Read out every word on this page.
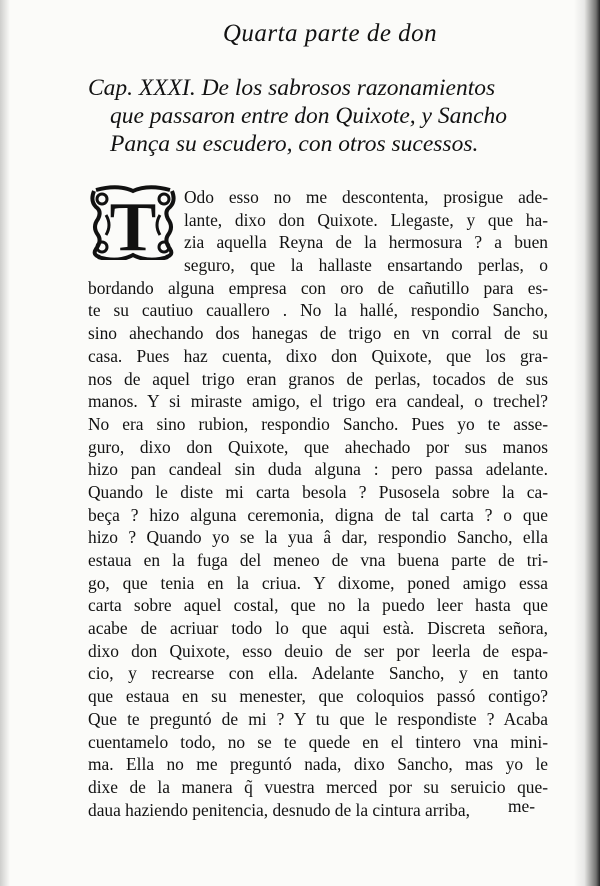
Quarta parte de don
Cap. XXXI. De los sabrosos razonamientos
que passaron entre don Quixote, y Sancho
Pança su escudero, con otros sucessos.
T Odo esso no me descontenta, prosigue ade-
lante, dixo don Quixote. Llegaste, y que ha-
zia aquella Reyna de la hermosura ? a buen
seguro, que la hallaste ensartando perlas, o
bordando alguna empresa con oro de cañutillo para es-
te su cautiuo cauallero . No la hallé, respondio Sancho,
sino ahechando dos hanegas de trigo en vn corral de su
casa. Pues haz cuenta, dixo don Quixote, que los gra-
nos de aquel trigo eran granos de perlas, tocados de sus
manos. Y si miraste amigo, el trigo era candeal, o trechel?
No era sino rubion, respondio Sancho. Pues yo te asse-
guro, dixo don Quixote, que ahechado por sus manos
hizo pan candeal sin duda alguna : pero passa adelante.
Quando le diste mi carta besola ? Pusosela sobre la ca-
beça ? hizo alguna ceremonia, digna de tal carta ? o que
hizo ? Quando yo se la yua â dar, respondio Sancho, ella
estaua en la fuga del meneo de vna buena parte de tri-
go, que tenia en la criua. Y dixome, poned amigo essa
carta sobre aquel costal, que no la puedo leer hasta que
acabe de acriuar todo lo que aqui està. Discreta señora,
dixo don Quixote, esso deuio de ser por leerla de espa-
cio, y recrearse con ella. Adelante Sancho, y en tanto
que estaua en su menester, que coloquios passó contigo?
Que te preguntó de mi ? Y tu que le respondiste ? Acaba
cuentamelo todo, no se te quede en el tintero vna mini-
ma. Ella no me preguntó nada, dixo Sancho, mas yo le
dixe de la manera q̃ vuestra merced por su seruicio que-
daua haziendo penitencia, desnudo de la cintura arriba,	me-
